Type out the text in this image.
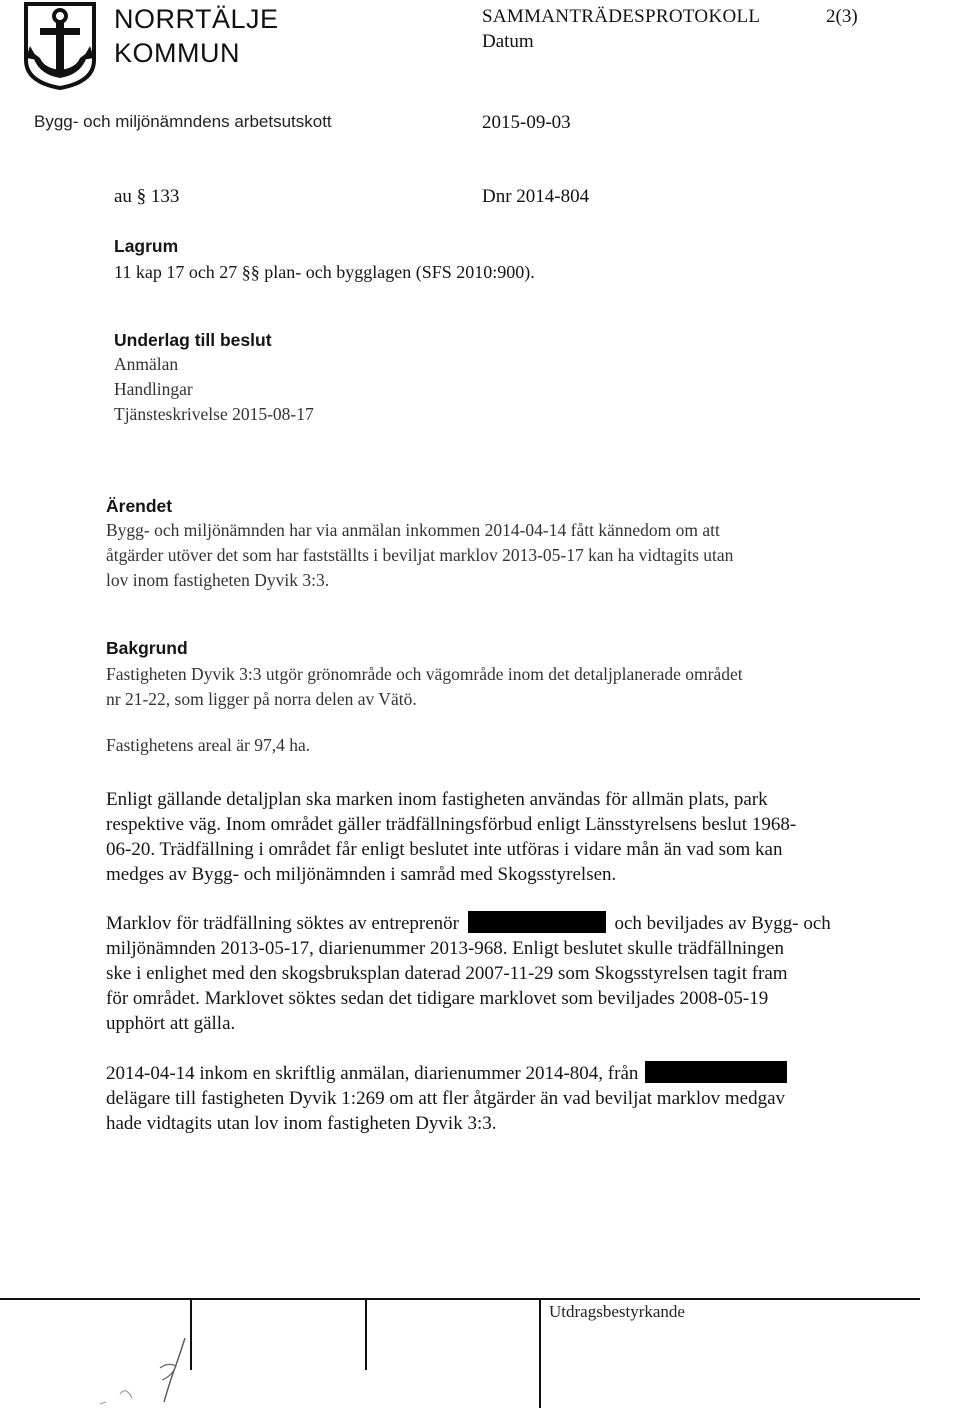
NORRTÄLJE
KOMMUN
SAMMANTRÄDESPROTOKOLL	2(3)
Datum
Bygg- och miljönämndens arbetsutskott	2015-09-03
au § 133	Dnr 2014-804
Lagrum
11 kap 17 och 27 §§ plan- och bygglagen (SFS 2010:900).
Underlag till beslut
Anmälan
Handlingar
Tjänsteskrivelse 2015-08-17
Ärendet
Bygg- och miljönämnden har via anmälan inkommen 2014-04-14 fått kännedom om att
åtgärder utöver det som har fastställts i beviljat marklov 2013-05-17 kan ha vidtagits utan
lov inom fastigheten Dyvik 3:3.
Bakgrund
Fastigheten Dyvik 3:3 utgör grönområde och vägområde inom det detaljplanerade området
nr 21-22, som ligger på norra delen av Vätö.
Fastighetens areal är 97,4 ha.
Enligt gällande detaljplan ska marken inom fastigheten användas för allmän plats, park
respektive väg. Inom området gäller trädfällningsförbud enligt Länsstyrelsens beslut 1968-
06-20. Trädfällning i området får enligt beslutet inte utföras i vidare mån än vad som kan
medges av Bygg- och miljönämnden i samråd med Skogsstyrelsen.
Marklov för trädfällning söktes av entreprenör	och beviljades av Bygg- och
miljönämnden 2013-05-17, diarienummer 2013-968. Enligt beslutet skulle trädfällningen
ske i enlighet med den skogsbruksplan daterad 2007-11-29 som Skogsstyrelsen tagit fram
för området. Marklovet söktes sedan det tidigare marklovet som beviljades 2008-05-19
upphört att gälla.
2014-04-14 inkom en skriftlig anmälan, diarienummer 2014-804, från
delägare till fastigheten Dyvik 1:269 om att fler åtgärder än vad beviljat marklov medgav
hade vidtagits utan lov inom fastigheten Dyvik 3:3.
Utdragsbestyrkande
